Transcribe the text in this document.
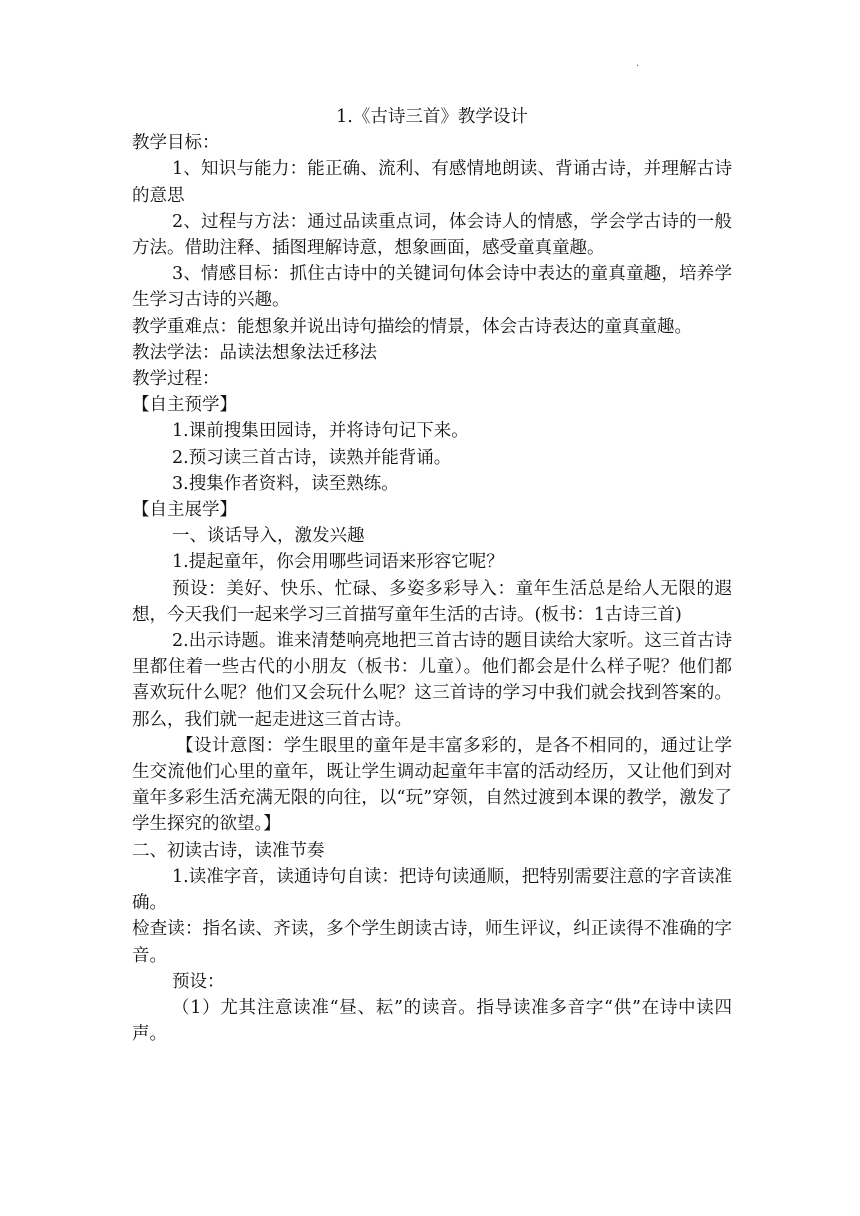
.
1.《古诗三首》教学设计

教学目标：

1、知识与能力：能正确、流利、有感情地朗读、背诵古诗，并理解古诗的意思

2、过程与方法：通过品读重点词，体会诗人的情感，学会学古诗的一般方法。借助注释、插图理解诗意，想象画面，感受童真童趣。

3、情感目标：抓住古诗中的关键词句体会诗中表达的童真童趣，培养学生学习古诗的兴趣。

教学重难点：能想象并说出诗句描绘的情景，体会古诗表达的童真童趣。

教法学法：品读法想象法迁移法

教学过程：

【自主预学】

1.课前搜集田园诗，并将诗句记下来。

2.预习读三首古诗，读熟并能背诵。

3.搜集作者资料，读至熟练。

【自主展学】

一、谈话导入，激发兴趣

1.提起童年，你会用哪些词语来形容它呢？

预设：美好、快乐、忙碌、多姿多彩导入：童年生活总是给人无限的遐想，今天我们一起来学习三首描写童年生活的古诗。(板书：1古诗三首)

2.出示诗题。谁来清楚响亮地把三首古诗的题目读给大家听。这三首古诗里都住着一些古代的小朋友（板书：儿童）。他们都会是什么样子呢？他们都喜欢玩什么呢？他们又会玩什么呢？这三首诗的学习中我们就会找到答案的。那么，我们就一起走进这三首古诗。

【设计意图：学生眼里的童年是丰富多彩的，是各不相同的，通过让学生交流他们心里的童年，既让学生调动起童年丰富的活动经历，又让他们到对童年多彩生活充满无限的向往，以“玩”穿领，自然过渡到本课的教学，激发了学生探究的欲望。】

二、初读古诗，读准节奏

1.读准字音，读通诗句自读：把诗句读通顺，把特别需要注意的字音读准确。

检查读：指名读、齐读，多个学生朗读古诗，师生评议，纠正读得不准确的字音。

预设：

（1）尤其注意读准“昼、耘”的读音。指导读准多音字“供”在诗中读四声。
